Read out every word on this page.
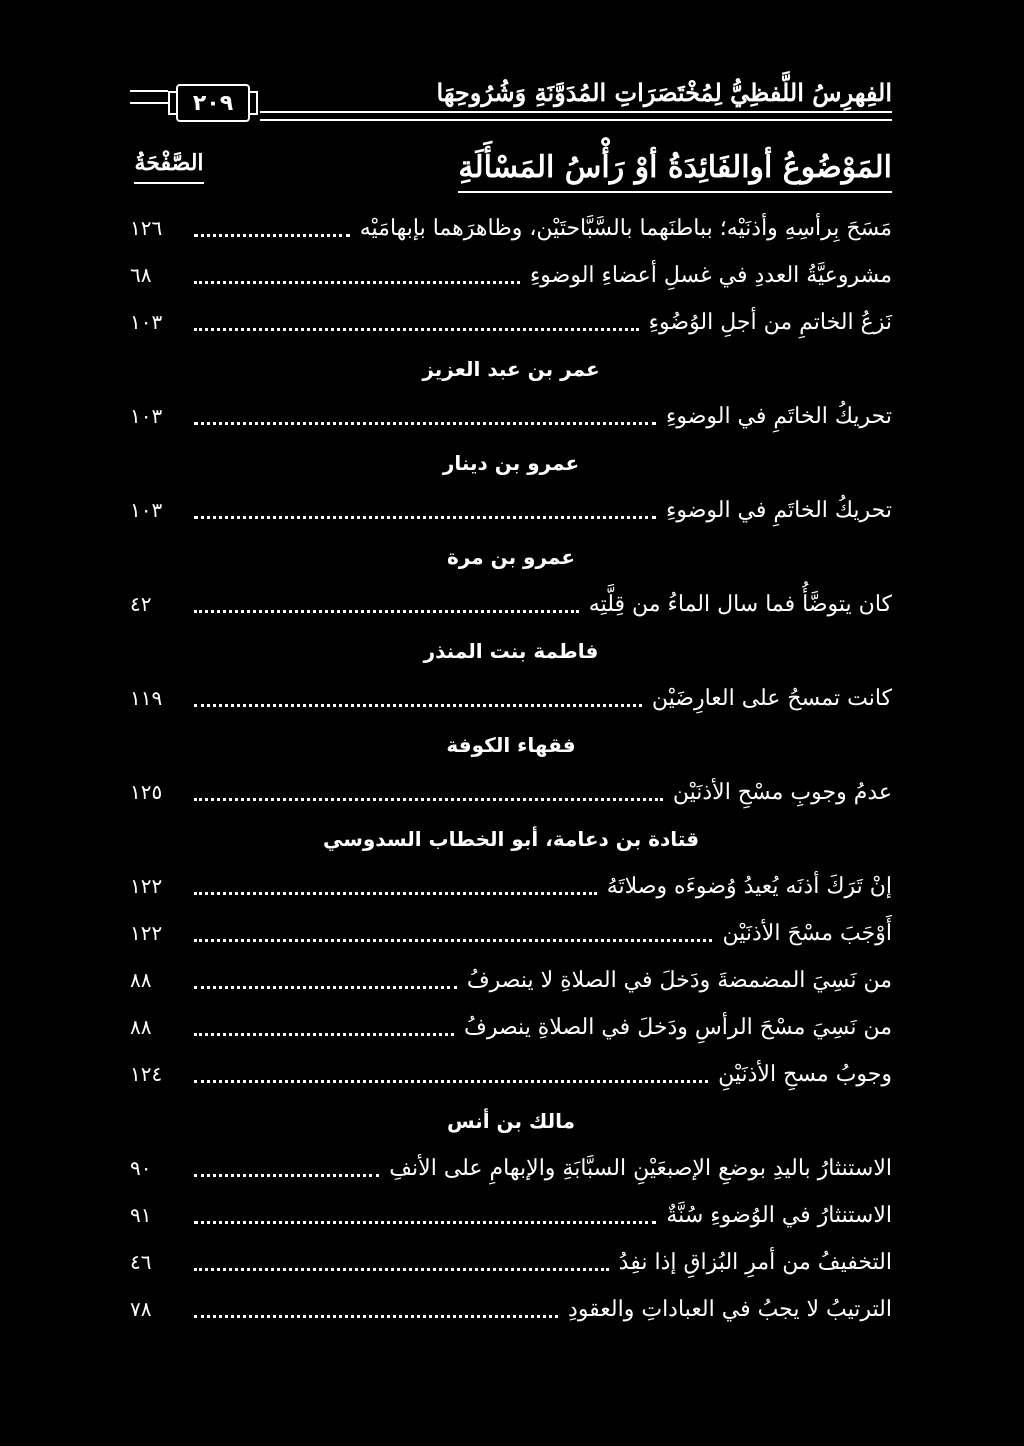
٢٠٩	الفِهرِسُ اللَّفظِيُّ لِمُخْتَصَرَاتِ المُدَوَّنَةِ وَشُرُوحِهَا
المَوْضُوعُ أوالفَائِدَةُ أوْ رَأْسُ المَسْأَلَةِ
الصَّفْحَةُ
مَسَحَ بِرأسِهِ وأذنَيْه؛ بباطنَهما بالسَّبَّاحتَيْن، وظاهرَهما بإبهامَيْه
١٢٦
مشروعيَّةُ العددِ في غسلِ أعضاءِ الوضوءِ
٦٨
نَزعُ الخاتمِ من أجلِ الوُضُوءِ
١٠٣
عمر بن عبد العزيز
تحريكُ الخاتَمِ في الوضوءِ
١٠٣
عمرو بن دينار
تحريكُ الخاتَمِ في الوضوءِ
١٠٣
عمرو بن مرة
كان يتوضَّأُ فما سال الماءُ من قِلَّتِه
٤٢
فاطمة بنت المنذر
كانت تمسحُ على العارِضَيْن
١١٩
فقهاء الكوفة
عدمُ وجوبِ مسْحِ الأذنَيْن
١٢٥
قتادة بن دعامة، أبو الخطاب السدوسي
إنْ تَرَكَ أذنَه يُعيدُ وُضوءَه وصلاتَهُ
١٢٢
أَوْجَبَ مسْحَ الأذنَيْن
١٢٢
من نَسِيَ المضمضةَ ودَخلَ في الصلاةِ لا ينصرفُ
٨٨
من نَسِيَ مسْحَ الرأسِ ودَخلَ في الصلاةِ ينصرفُ
٨٨
وجوبُ مسحِ الأذنَيْنِ
١٢٤
مالك بن أنس
الاستنثارُ باليدِ بوضعِ الإصبعَيْنِ السبَّابَةِ والإبهامِ على الأنفِ
٩٠
الاستنثارُ في الوُضوءِ سُنَّةٌ
٩١
التخفيفُ من أمرِ البُزاقِ إذا نفِدُ
٤٦
الترتيبُ لا يجبُ في العباداتِ والعقودِ
٧٨
